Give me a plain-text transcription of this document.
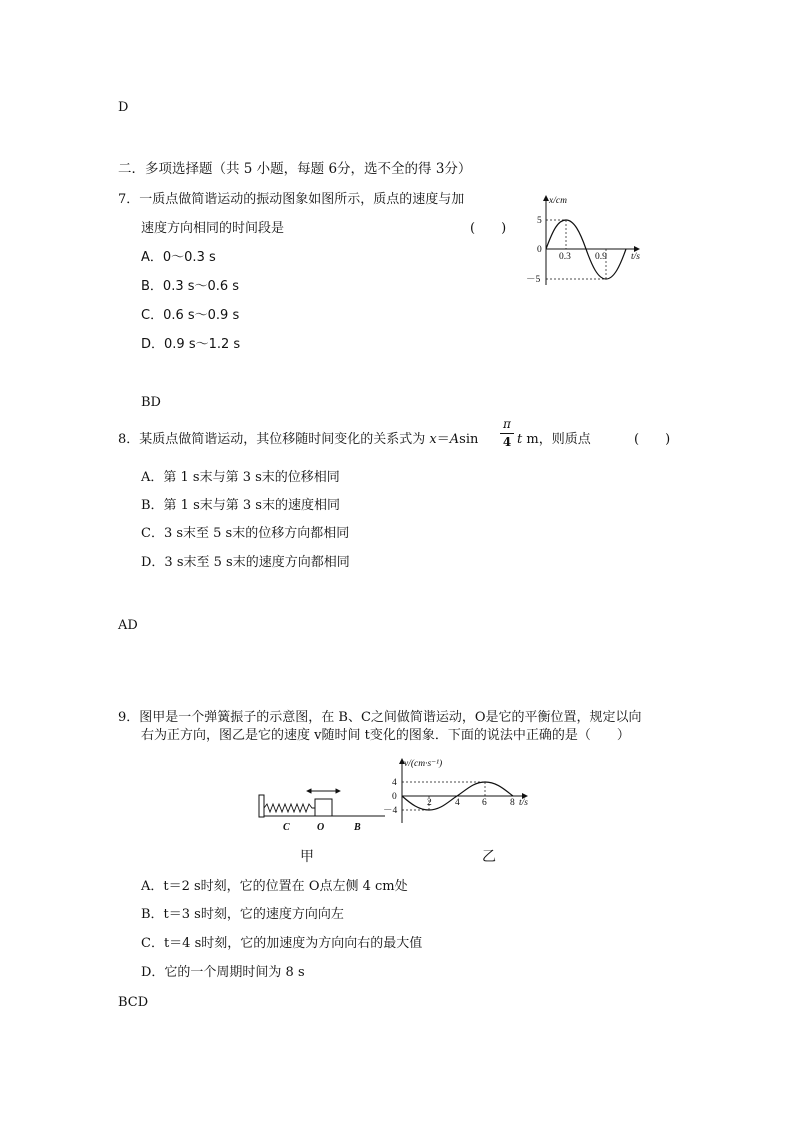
D
二．多项选择题（共 5 小题，每题 6分，选不全的得 3分）
7．一质点做简谐运动的振动图象如图所示，质点的速度与加
速度方向相同的时间段是	(　　)
A．0～0.3 s
B．0.3 s～0.6 s
C．0.6 s～0.9 s
D．0.9 s～1.2 s
x/cm
t/s
5
0
－5
0.3	0.9
BD
8．某质点做简谐运动，其位移随时间变化的关系式为 x＝Asin
π
4 t m，则质点	(　　)
A．第 1 s末与第 3 s末的位移相同
B．第 1 s末与第 3 s末的速度相同
C．3 s末至 5 s末的位移方向都相同
D．3 s末至 5 s末的速度方向都相同
AD
9．图甲是一个弹簧振子的示意图，在 B、C之间做简谐运动，O是它的平衡位置，规定以向
右为正方向，图乙是它的速度 v随时间 t变化的图象．下面的说法中正确的是（　　）
C	O	B
v/(cm·s⁻¹)
t/s
4
0
－4
2 4 6 8
甲	乙
A．t＝2 s时刻，它的位置在 O点左侧 4 cm处
B．t＝3 s时刻，它的速度方向向左
C．t＝4 s时刻，它的加速度为方向向右的最大值
D．它的一个周期时间为 8 s
BCD
